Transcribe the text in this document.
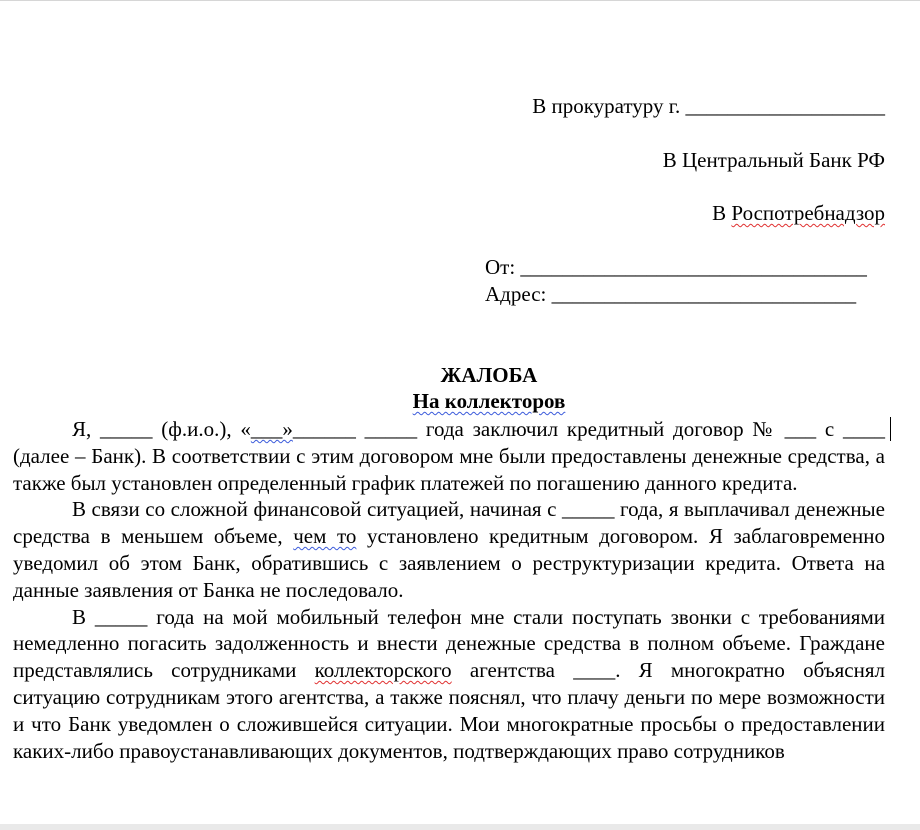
В прокуратуру г. ___________________
В Центральный Банк РФ
В Роспотребнадзор
От: _________________________________
Адрес: _____________________________
ЖАЛОБА
На коллекторов

Я, _____ (ф.и.о.), «___»______ _____ года заключил кредитный договор № ___ с ____ (далее – Банк). В соответствии с этим договором мне были предоставлены денежные средства, а также был установлен определенный график платежей по погашению данного кредита.

В связи со сложной финансовой ситуацией, начиная с _____ года, я выплачивал денежные средства в меньшем объеме, чем то установлено кредитным договором. Я заблаговременно уведомил об этом Банк, обратившись с заявлением о реструктуризации кредита. Ответа на данные заявления от Банка не последовало.

В _____ года на мой мобильный телефон мне стали поступать звонки с требованиями немедленно погасить задолженность и внести денежные средства в полном объеме. Граждане представлялись сотрудниками коллекторского агентства ____. Я многократно объяснял ситуацию сотрудникам этого агентства, а также пояснял, что плачу деньги по мере возможности и что Банк уведомлен о сложившейся ситуации. Мои многократные просьбы о предоставлении каких-либо правоустанавливающих документов, подтверждающих право сотрудников
